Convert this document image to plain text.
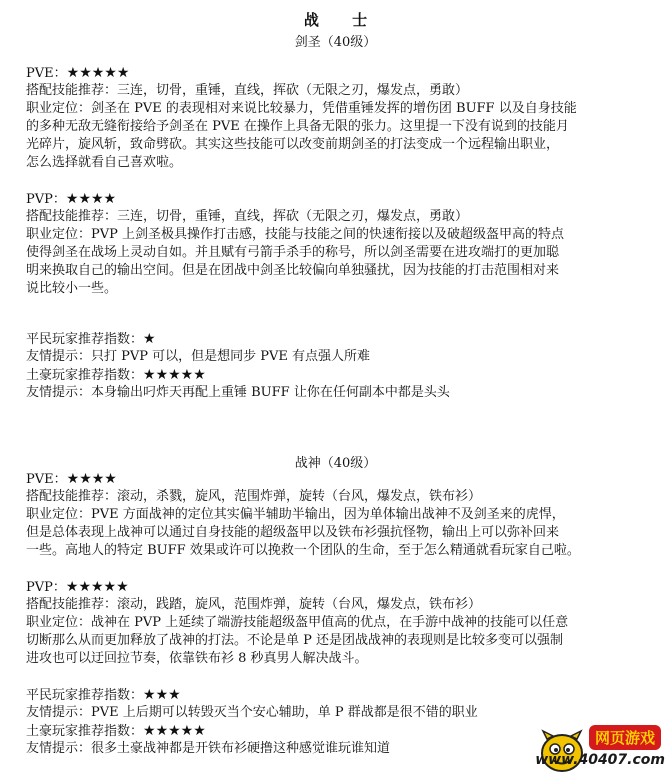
战 士
剑圣（40级）
PVE：★★★★★
搭配技能推荐：三连，切骨，重锤，直线，挥砍（无限之刃，爆发点，勇敢）
职业定位：剑圣在 PVE 的表现相对来说比较暴力，凭借重锤发挥的增伤团 BUFF 以及自身技能
的多种无敌无缝衔接给予剑圣在 PVE 在操作上具备无限的张力。这里提一下没有说到的技能月
光碎片，旋风斩，致命劈砍。其实这些技能可以改变前期剑圣的打法变成一个远程输出职业，
怎么选择就看自己喜欢啦。
PVP：★★★★
搭配技能推荐：三连，切骨，重锤，直线，挥砍（无限之刃，爆发点，勇敢）
职业定位：PVP 上剑圣极具操作打击感，技能与技能之间的快速衔接以及破超级盔甲高的特点
使得剑圣在战场上灵动自如。并且赋有弓箭手杀手的称号，所以剑圣需要在进攻端打的更加聪
明来换取自己的输出空间。但是在团战中剑圣比较偏向单独骚扰，因为技能的打击范围相对来
说比较小一些。
平民玩家推荐指数：★
友情提示：只打 PVP 可以，但是想同步 PVE 有点强人所难
土豪玩家推荐指数：★★★★★
友情提示：本身输出叼炸天再配上重锤 BUFF 让你在任何副本中都是头头
战神（40级）
PVE：★★★★
搭配技能推荐：滚动，杀戮，旋风，范围炸弹，旋转（台风，爆发点，铁布衫）
职业定位：PVE 方面战神的定位其实偏半辅助半输出，因为单体输出战神不及剑圣来的虎悍，
但是总体表现上战神可以通过自身技能的超级盔甲以及铁布衫强抗怪物，输出上可以弥补回来
一些。高地人的特定 BUFF 效果或许可以挽救一个团队的生命，至于怎么精通就看玩家自己啦。
PVP：★★★★★
搭配技能推荐：滚动，践踏，旋风，范围炸弹，旋转（台风，爆发点，铁布衫）
职业定位：战神在 PVP 上延续了端游技能超级盔甲值高的优点，在手游中战神的技能可以任意
切断那么从而更加释放了战神的打法。不论是单 P 还是团战战神的表现则是比较多变可以强制
进攻也可以迂回拉节奏，依靠铁布衫 8 秒真男人解决战斗。
平民玩家推荐指数：★★★
友情提示：PVE 上后期可以转毁灭当个安心辅助，单 P 群战都是很不错的职业
土豪玩家推荐指数：★★★★★
友情提示：很多土豪战神都是开铁布衫硬撸这种感觉谁玩谁知道
网页游戏
www.40407.com
